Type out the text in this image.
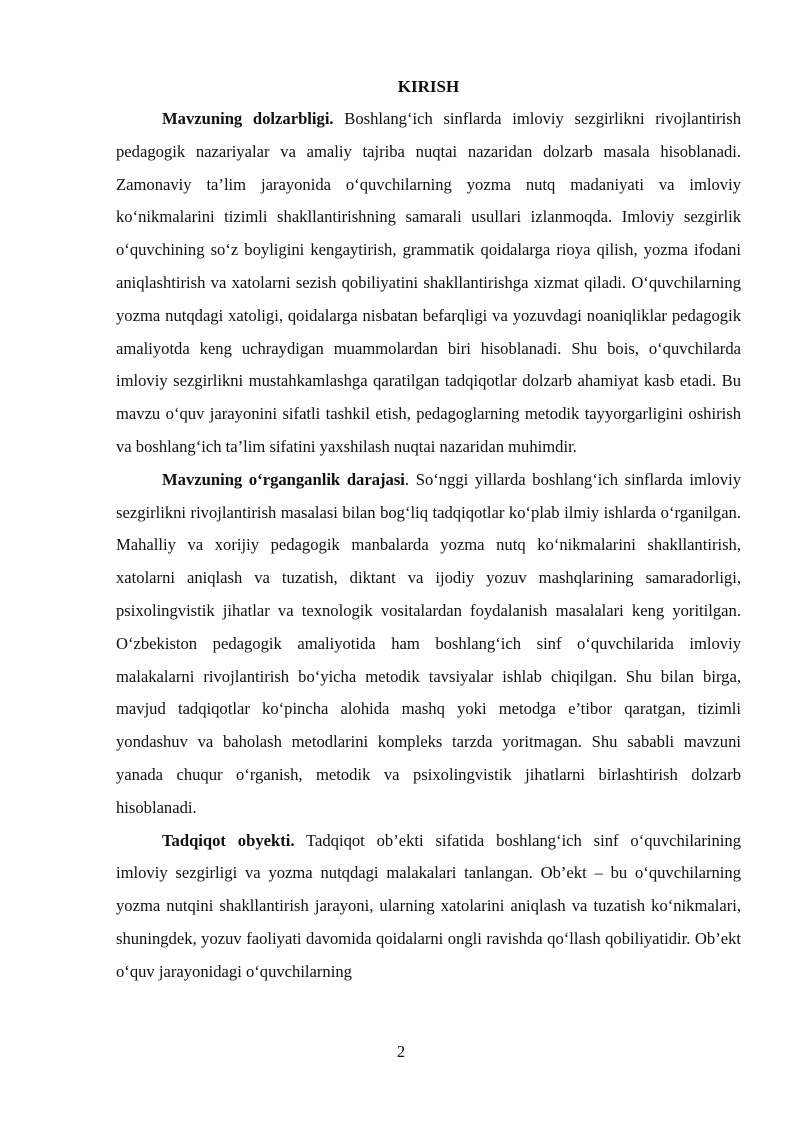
KIRISH

Mavzuning dolzarbligi. Boshlang‘ich sinflarda imloviy sezgirlikni rivojlantirish pedagogik nazariyalar va amaliy tajriba nuqtai nazaridan dolzarb masala hisoblanadi. Zamonaviy ta’lim jarayonida o‘quvchilarning yozma nutq madaniyati va imloviy ko‘nikmalarini tizimli shakllantirishning samarali usullari izlanmoqda. Imloviy sezgirlik o‘quvchining so‘z boyligini kengaytirish, grammatik qoidalarga rioya qilish, yozma ifodani aniqlashtirish va xatolarni sezish qobiliyatini shakllantirishga xizmat qiladi. O‘quvchilarning yozma nutqdagi xatoligi, qoidalarga nisbatan befarqligi va yozuvdagi noaniqliklar pedagogik amaliyotda keng uchraydigan muammolardan biri hisoblanadi. Shu bois, o‘quvchilarda imloviy sezgirlikni mustahkamlashga qaratilgan tadqiqotlar dolzarb ahamiyat kasb etadi. Bu mavzu o‘quv jarayonini sifatli tashkil etish, pedagoglarning metodik tayyorgarligini oshirish va boshlang‘ich ta’lim sifatini yaxshilash nuqtai nazaridan muhimdir.

Mavzuning o‘rganganlik darajasi. So‘nggi yillarda boshlang‘ich sinflarda imloviy sezgirlikni rivojlantirish masalasi bilan bog‘liq tadqiqotlar ko‘plab ilmiy ishlarda o‘rganilgan. Mahalliy va xorijiy pedagogik manbalarda yozma nutq ko‘nikmalarini shakllantirish, xatolarni aniqlash va tuzatish, diktant va ijodiy yozuv mashqlarining samaradorligi, psixolingvistik jihatlar va texnologik vositalardan foydalanish masalalari keng yoritilgan. O‘zbekiston pedagogik amaliyotida ham boshlang‘ich sinf o‘quvchilarida imloviy malakalarni rivojlantirish bo‘yicha metodik tavsiyalar ishlab chiqilgan. Shu bilan birga, mavjud tadqiqotlar ko‘pincha alohida mashq yoki metodga e’tibor qaratgan, tizimli yondashuv va baholash metodlarini kompleks tarzda yoritmagan. Shu sababli mavzuni yanada chuqur o‘rganish, metodik va psixolingvistik jihatlarni birlashtirish dolzarb hisoblanadi.

Tadqiqot obyekti. Tadqiqot ob’ekti sifatida boshlang‘ich sinf o‘quvchilarining imloviy sezgirligi va yozma nutqdagi malakalari tanlangan. Ob’ekt – bu o‘quvchilarning yozma nutqini shakllantirish jarayoni, ularning xatolarini aniqlash va tuzatish ko‘nikmalari, shuningdek, yozuv faoliyati davomida qoidalarni ongli ravishda qo‘llash qobiliyatidir. Ob’ekt o‘quv jarayonidagi o‘quvchilarning

2
